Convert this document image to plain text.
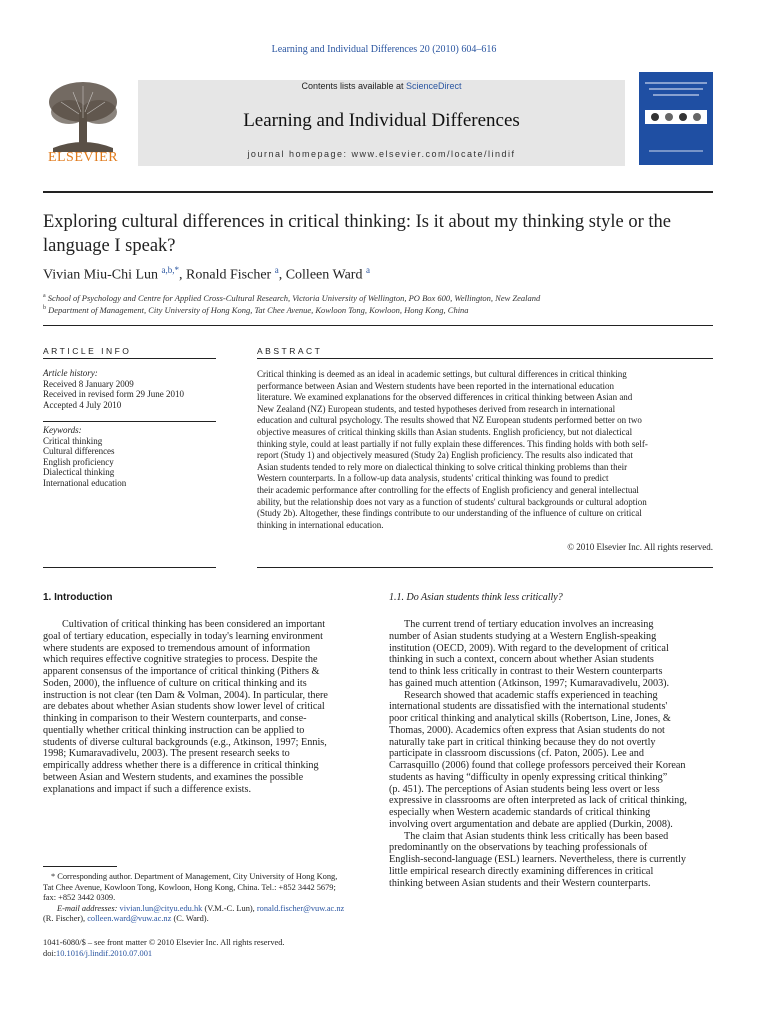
Learning and Individual Differences 20 (2010) 604–616
ELSEVIER
Contents lists available at ScienceDirect
Learning and Individual Differences
journal homepage: www.elsevier.com/locate/lindif
Exploring cultural differences in critical thinking: Is it about my thinking style or the
language I speak?
Vivian Miu-Chi Lun $^{a,b,*}$, Ronald Fischer $^a$, Colleen Ward $^a$
$^a$ School of Psychology and Centre for Applied Cross-Cultural Research, Victoria University of Wellington, PO Box 600, Wellington, New Zealand
$^b$ Department of Management, City University of Hong Kong, Tat Chee Avenue, Kowloon Tong, Kowloon, Hong Kong, China
ARTICLE INFO
Article history:
Received 8 January 2009
Received in revised form 29 June 2010
Accepted 4 July 2010
Keywords:
Critical thinking
Cultural differences
English proficiency
Dialectical thinking
International education
ABSTRACT
Critical thinking is deemed as an ideal in academic settings, but cultural differences in critical thinking
performance between Asian and Western students have been reported in the international education
literature. We examined explanations for the observed differences in critical thinking between Asian and
New Zealand (NZ) European students, and tested hypotheses derived from research in international
education and cultural psychology. The results showed that NZ European students performed better on two
objective measures of critical thinking skills than Asian students. English proficiency, but not dialectical
thinking style, could at least partially if not fully explain these differences. This finding holds with both self-
report (Study 1) and objectively measured (Study 2a) English proficiency. The results also indicated that
Asian students tended to rely more on dialectical thinking to solve critical thinking problems than their
Western counterparts. In a follow-up data analysis, students' critical thinking was found to predict
their academic performance after controlling for the effects of English proficiency and general intellectual
ability, but the relationship does not vary as a function of students' cultural backgrounds or cultural adoption
(Study 2b). Altogether, these findings contribute to our understanding of the influence of culture on critical
thinking in international education.
© 2010 Elsevier Inc. All rights reserved.
1. Introduction
Cultivation of critical thinking has been considered an important
goal of tertiary education, especially in today's learning environment
where students are exposed to tremendous amount of information
which requires effective cognitive strategies to process. Despite the
apparent consensus of the importance of critical thinking (Pithers &
Soden, 2000), the influence of culture on critical thinking and its
instruction is not clear (ten Dam & Volman, 2004). In particular, there
are debates about whether Asian students show lower level of critical
thinking in comparison to their Western counterparts, and conse-
quentially whether critical thinking instruction can be applied to
students of diverse cultural backgrounds (e.g., Atkinson, 1997; Ennis,
1998; Kumaravadivelu, 2003). The present research seeks to
empirically address whether there is a difference in critical thinking
between Asian and Western students, and examines the possible
explanations and impact if such a difference exists.
* Corresponding author. Department of Management, City University of Hong Kong,
Tat Chee Avenue, Kowloon Tong, Kowloon, Hong Kong, China. Tel.: +852 3442 5679;
fax: +852 3442 0309.
E-mail addresses: vivian.lun@cityu.edu.hk (V.M.-C. Lun), ronald.fischer@vuw.ac.nz
(R. Fischer), colleen.ward@vuw.ac.nz (C. Ward).
1041-6080/$ – see front matter © 2010 Elsevier Inc. All rights reserved.
doi:10.1016/j.lindif.2010.07.001
1.1. Do Asian students think less critically?
The current trend of tertiary education involves an increasing
number of Asian students studying at a Western English-speaking
institution (OECD, 2009). With regard to the development of critical
thinking in such a context, concern about whether Asian students
tend to think less critically in contrast to their Western counterparts
has gained much attention (Atkinson, 1997; Kumaravadivelu, 2003).
Research showed that academic staffs experienced in teaching
international students are dissatisfied with the international students'
poor critical thinking and analytical skills (Robertson, Line, Jones, &
Thomas, 2000). Academics often express that Asian students do not
naturally take part in critical thinking because they do not overtly
participate in classroom discussions (cf. Paton, 2005). Lee and
Carrasquillo (2006) found that college professors perceived their Korean
students as having “difficulty in openly expressing critical thinking”
(p. 451). The perceptions of Asian students being less overt or less
expressive in classrooms are often interpreted as lack of critical thinking,
especially when Western academic standards of critical thinking
involving overt argumentation and debate are applied (Durkin, 2008).
The claim that Asian students think less critically has been based
predominantly on the observations by teaching professionals of
English-second-language (ESL) learners. Nevertheless, there is currently
little empirical research directly examining differences in critical
thinking between Asian students and their Western counterparts.
